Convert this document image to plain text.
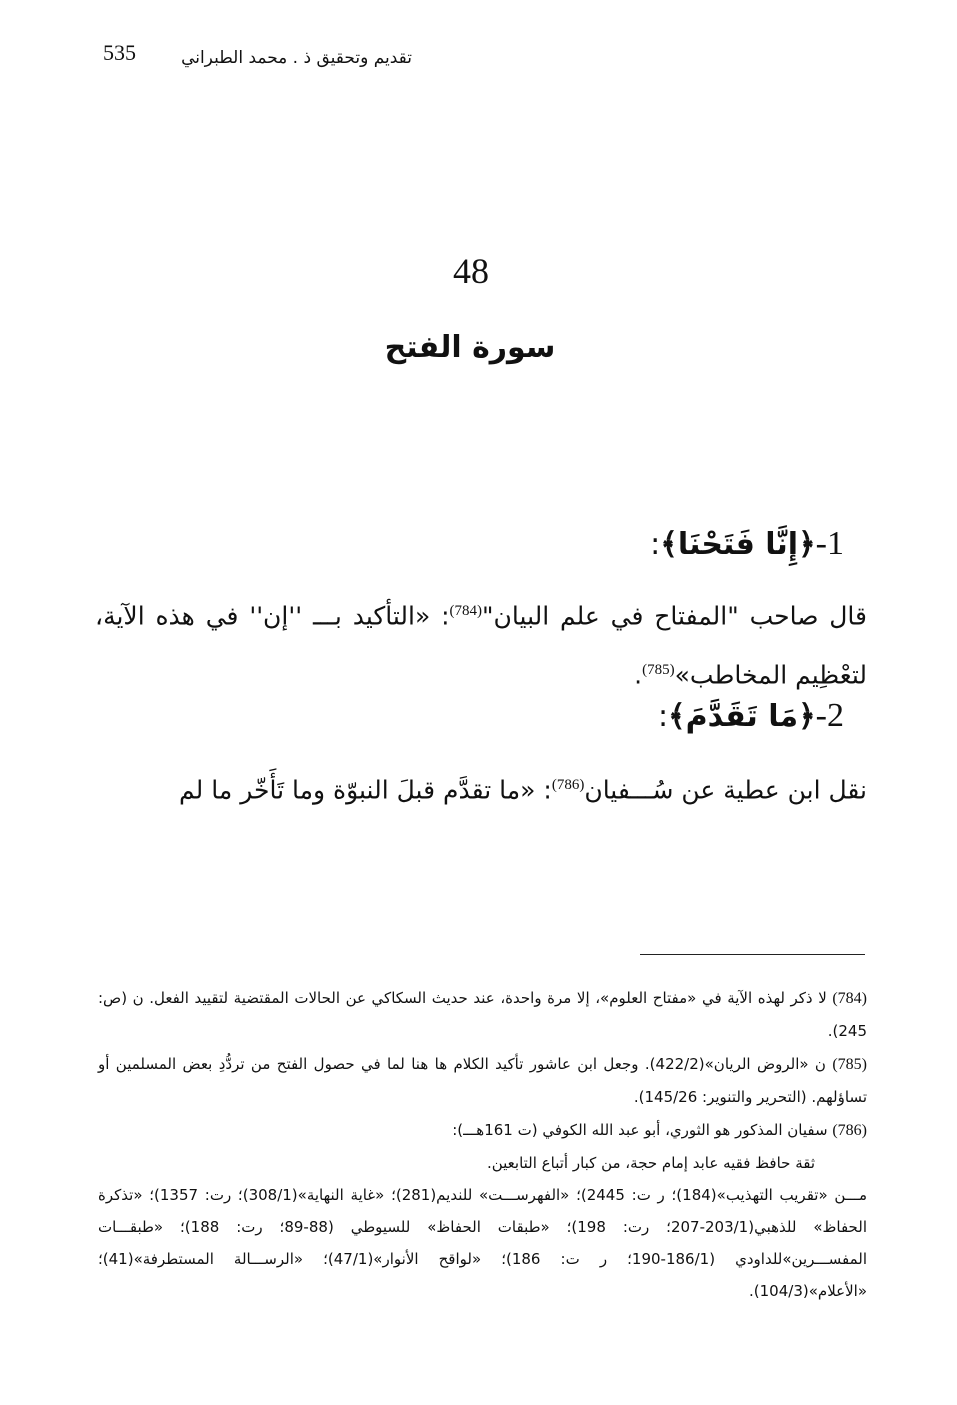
535	تقديم وتحقيق ذ . محمد الطبراني
48
سورة الفتح
1-﴿إِنَّا فَتَحْنَا﴾:
قال صاحب "المفتاح في علم البيان"$^{(784)}$: «التأكيد بـــ ''إن'' في هذه الآية، لتعْظِيم المخاطب»$^{(785)}$.
2-﴿مَا تَقَدَّمَ﴾:
نقل ابن عطية عن سُـــفيان$^{(786)}$: «ما تقدَّم قبلَ النبوّة وما تَأَخّر ما لم
(784) لا ذكر لهذه الآية في «مفتاح العلوم»، إلا مرة واحدة، عند حديث السكاكي عن الحالات المقتضية لتقييد الفعل. ن (ص: 245).
(785) ن «الروض الريان»(422/2). وجعل ابن عاشور تأكيد الكلام ها هنا لما في حصول الفتح من تردُّدِ بعض المسلمين أو تساؤلهم. (التحرير والتنوير: 145/26).
(786) سفيان المذكور هو الثوري، أبو عبد الله الكوفي (ت 161هـــ):
ثقة حافظ فقيه عابد إمام حجة، من كبار أتباع التابعين.
مـــن «تقريب التهذيب»(184)؛ ر ت: 2445)؛ «الفهرســـت» للنديم(281)؛ «غاية النهاية»(308/1)؛ رت: 1357)؛ «تذكرة الحفاظ» للذهبي(203/1-207؛ رت: 198)؛ «طبقات الحفاظ» للسيوطي (88-89؛ رت: 188)؛ «طبقـــات المفســـرين»للداودي (186/1-190؛ ر ت: 186)؛ «لواقح الأنوار»(47/1)؛ «الرســـالة المستطرفة»(41)؛ «الأعلام»(104/3).
